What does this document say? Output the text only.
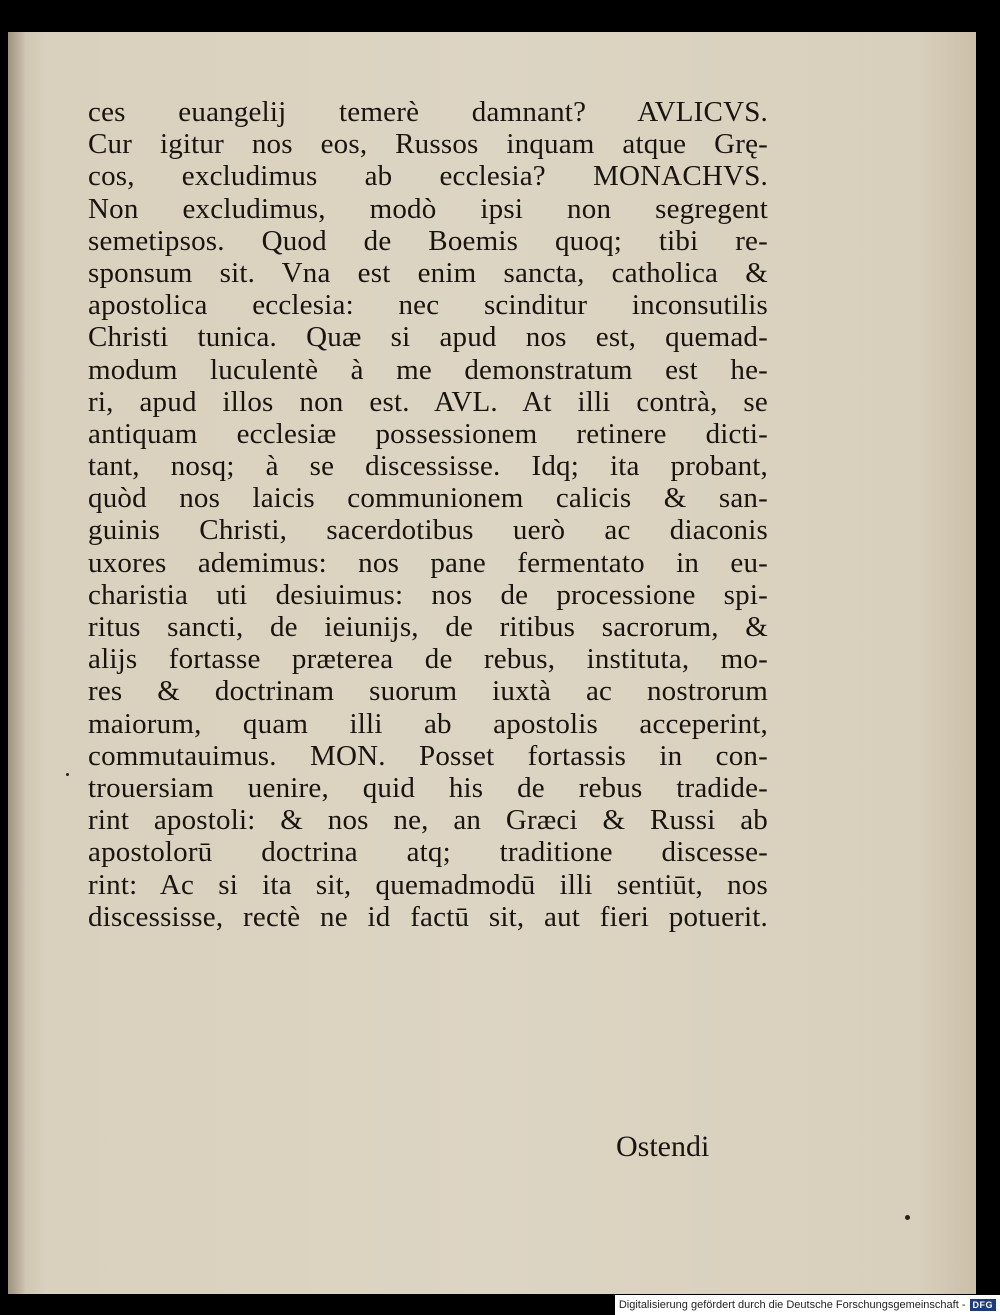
ces euangelij temerè damnant? AVLICVS.
Cur igitur nos eos, Russos inquam atque Grę-
cos, excludimus ab ecclesia? MONACHVS.
Non excludimus, modò ipsi non segregent
semetipsos. Quod de Boemis quoq; tibi re-
sponsum sit. Vna est enim sancta, catholica &
apostolica ecclesia: nec scinditur inconsutilis
Christi tunica. Quæ si apud nos est, quemad-
modum luculentè à me demonstratum est he-
ri, apud illos non est. AVL. At illi contrà, se
antiquam ecclesiæ possessionem retinere dicti-
tant, nosq; à se discessisse. Idq; ita probant,
quòd nos laicis communionem calicis & san-
guinis Christi, sacerdotibus uerò ac diaconis
uxores ademimus: nos pane fermentato in eu-
charistia uti desiuimus: nos de processione spi-
ritus sancti, de ieiunijs, de ritibus sacrorum, &
alijs fortasse præterea de rebus, instituta, mo-
res & doctrinam suorum iuxtà ac nostrorum
maiorum, quam illi ab apostolis acceperint,
commutauimus. MON. Posset fortassis in con-
trouersiam uenire, quid his de rebus tradide-
rint apostoli: & nos ne, an Græci & Russi ab
apostolorū doctrina atq; traditione discesse-
rint: Ac si ita sit, quemadmodū illi sentiūt, nos
discessisse, rectè ne id factū sit, aut fieri potuerit.
Ostendi
Digitalisierung gefördert durch die Deutsche Forschungsgemeinschaft - DFG
